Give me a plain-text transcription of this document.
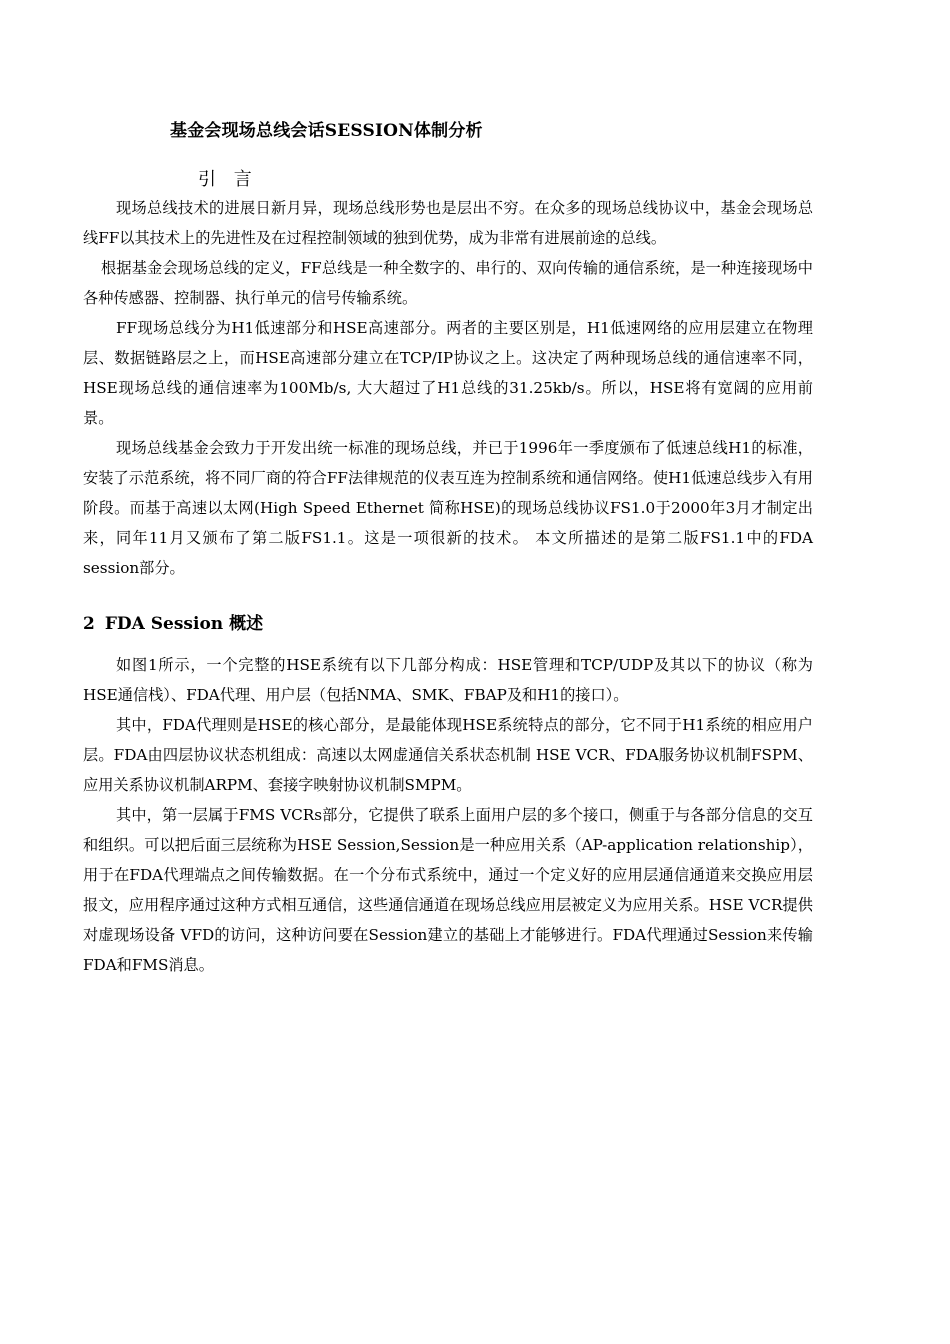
基金会现场总线会话SESSION体制分析
引 言

现场总线技术的进展日新月异，现场总线形势也是层出不穷。在众多的现场总线协议中，基金会现场总线FF以其技术上的先进性及在过程控制领域的独到优势，成为非常有进展前途的总线。

根据基金会现场总线的定义，FF总线是一种全数字的、串行的、双向传输的通信系统，是一种连接现场中各种传感器、控制器、执行单元的信号传输系统。

FF现场总线分为H1低速部分和HSE高速部分。两者的主要区别是，H1低速网络的应用层建立在物理层、数据链路层之上，而HSE高速部分建立在TCP/IP协议之上。这决定了两种现场总线的通信速率不同，HSE现场总线的通信速率为100Mb/s, 大大超过了H1总线的31.25kb/s。所以，HSE将有宽阔的应用前景。

现场总线基金会致力于开发出统一标准的现场总线，并已于1996年一季度颁布了低速总线H1的标准，安装了示范系统，将不同厂商的符合FF法律规范的仪表互连为控制系统和通信网络。使H1低速总线步入有用阶段。而基于高速以太网(High Speed Ethernet 简称HSE)的现场总线协议FS1.0于2000年3月才制定出来，同年11月又颁布了第二版FS1.1。这是一项很新的技术。 本文所描述的是第二版FS1.1中的FDA session部分。

2 FDA Session 概述

如图1所示，一个完整的HSE系统有以下几部分构成：HSE管理和TCP/UDP及其以下的协议（称为HSE通信栈）、FDA代理、用户层（包括NMA、SMK、FBAP及和H1的接口）。

其中，FDA代理则是HSE的核心部分，是最能体现HSE系统特点的部分，它不同于H1系统的相应用户层。FDA由四层协议状态机组成：高速以太网虚通信关系状态机制 HSE VCR、FDA服务协议机制FSPM、应用关系协议机制ARPM、套接字映射协议机制SMPM。

其中，第一层属于FMS VCRs部分，它提供了联系上面用户层的多个接口，侧重于与各部分信息的交互和组织。可以把后面三层统称为HSE Session,Session是一种应用关系（AP-application relationship），用于在FDA代理端点之间传输数据。在一个分布式系统中，通过一个定义好的应用层通信通道来交换应用层报文，应用程序通过这种方式相互通信，这些通信通道在现场总线应用层被定义为应用关系。HSE VCR提供对虚现场设备 VFD的访问，这种访问要在Session建立的基础上才能够进行。FDA代理通过Session来传输FDA和FMS消息。
